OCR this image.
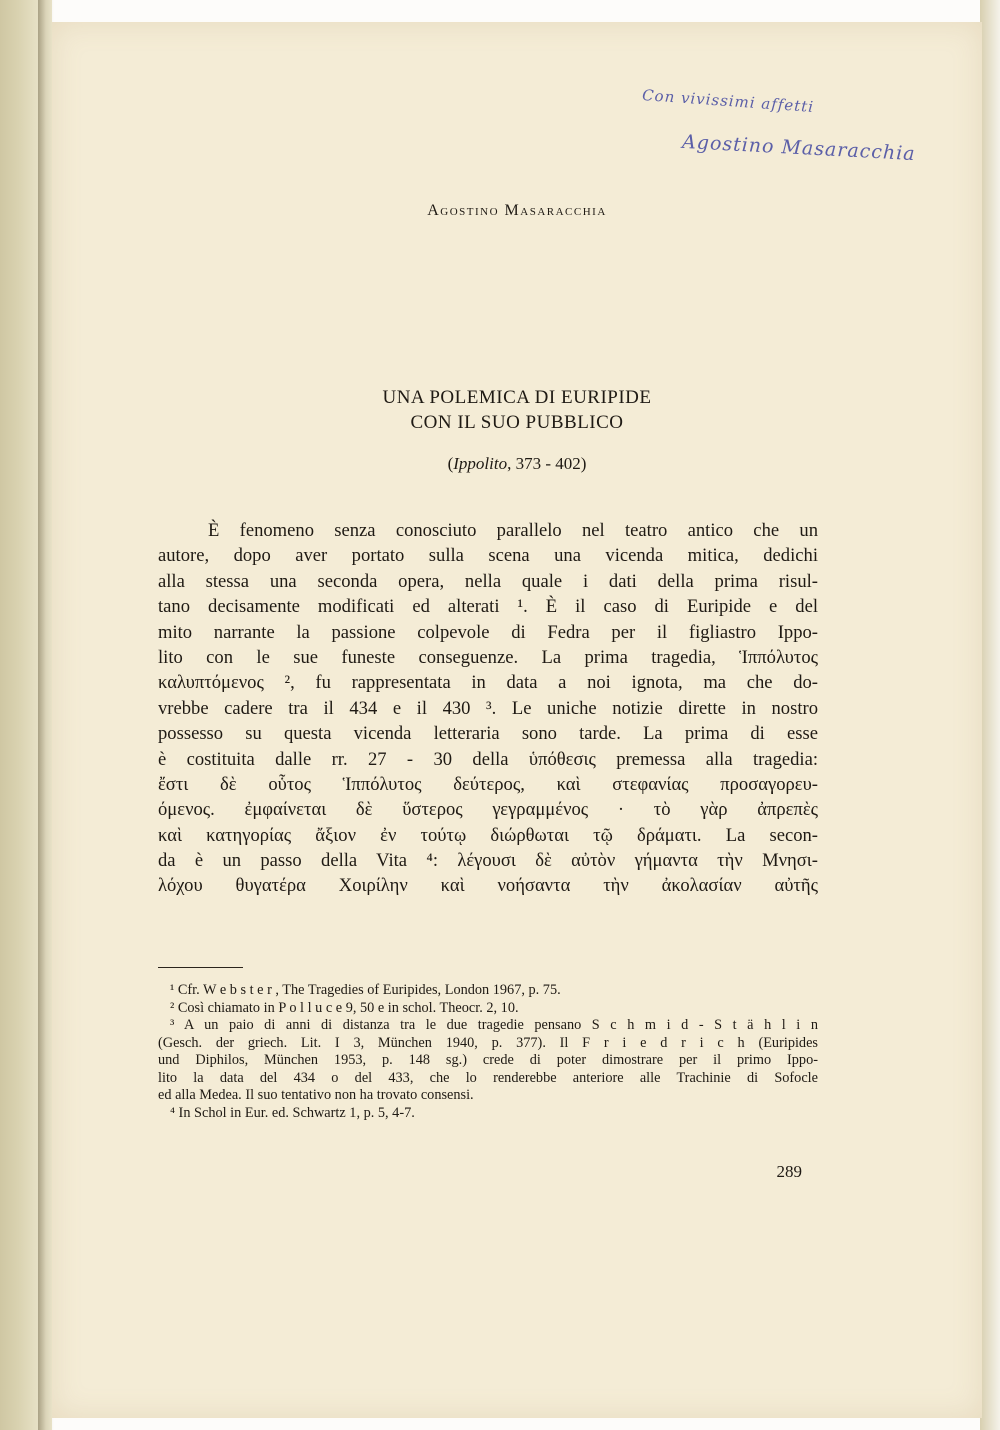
Con vivissimi affetti
Agostino Masaracchia
Agostino Masaracchia
UNA POLEMICA DI EURIPIDE
CON IL SUO PUBBLICO
(Ippolito, 373 - 402)
È fenomeno senza conosciuto parallelo nel teatro antico che un
autore, dopo aver portato sulla scena una vicenda mitica, dedichi
alla stessa una seconda opera, nella quale i dati della prima risul-
tano decisamente modificati ed alterati ¹. È il caso di Euripide e del
mito narrante la passione colpevole di Fedra per il figliastro Ippo-
lito con le sue funeste conseguenze. La prima tragedia, Ἱππόλυτος
καλυπτόμενος ², fu rappresentata in data a noi ignota, ma che do-
vrebbe cadere tra il 434 e il 430 ³. Le uniche notizie dirette in nostro
possesso su questa vicenda letteraria sono tarde. La prima di esse
è costituita dalle rr. 27 - 30 della ὑπόθεσις premessa alla tragedia:
ἔστι δὲ οὗτος Ἱππόλυτος δεύτερος, καὶ στεφανίας προσαγορευ-
όμενος. ἐμφαίνεται δὲ ὕστερος γεγραμμένος · τὸ γὰρ ἀπρεπὲς
καὶ κατηγορίας ἄξιον ἐν τούτῳ διώρθωται τῷ δράματι. La secon-
da è un passo della Vita ⁴: λέγουσι δὲ αὐτὸν γήμαντα τὴν Μνησι-
λόχου θυγατέρα Χοιρίλην καὶ νοήσαντα τὴν ἀκολασίαν αὐτῆς
¹ Cfr. W e b s t e r , The Tragedies of Euripides, London 1967, p. 75.
² Così chiamato in P o l l u c e 9, 50 e in schol. Theocr. 2, 10.
³ A un paio di anni di distanza tra le due tragedie pensano S c h m i d - S t ä h l i n
(Gesch. der griech. Lit. I 3, München 1940, p. 377). Il F r i e d r i c h (Euripides
und Diphilos, München 1953, p. 148 sg.) crede di poter dimostrare per il primo Ippo-
lito la data del 434 o del 433, che lo renderebbe anteriore alle Trachinie di Sofocle
ed alla Medea. Il suo tentativo non ha trovato consensi.
⁴ In Schol in Eur. ed. Schwartz 1, p. 5, 4-7.
289
